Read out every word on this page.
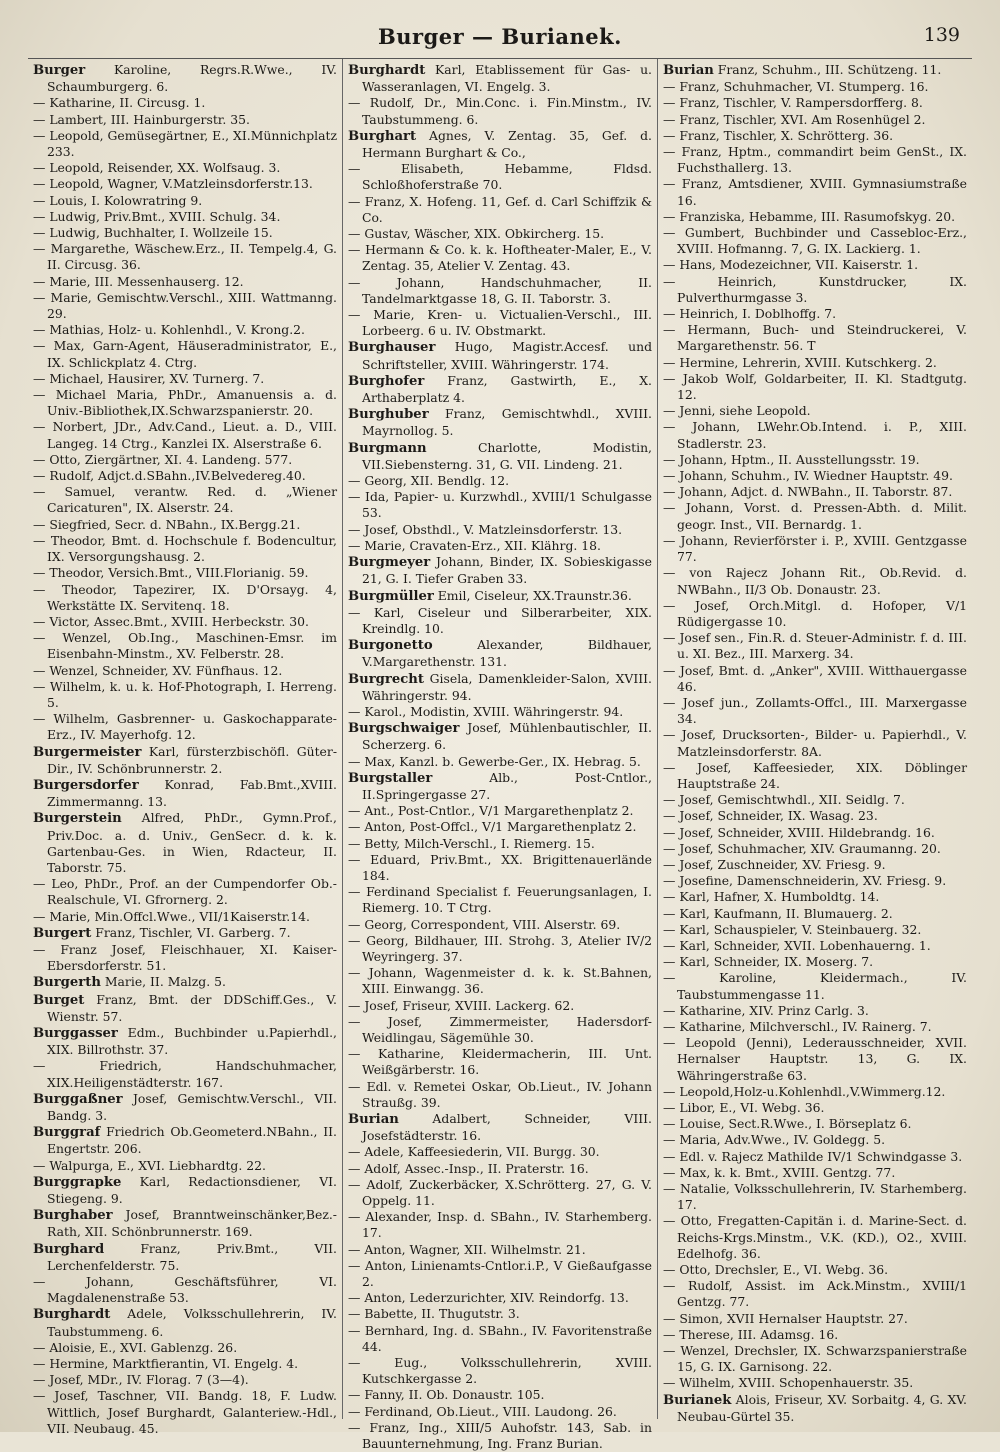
Burger — Burianek.	139

Burger Karoline, Regrs.R.Wwe., IV. Schaumburgerg. 6.

— Katharine, II. Circusg. 1.

— Lambert, III. Hainburgerstr. 35.

— Leopold, Gemüsegärtner, E., XI.Münnichplatz 233.

— Leopold, Reisender, XX. Wolfsaug. 3.

— Leopold, Wagner, V.Matzleinsdorferstr.13.

— Louis, I. Kolowratring 9.

— Ludwig, Priv.Bmt., XVIII. Schulg. 34.

— Ludwig, Buchhalter, I. Wollzeile 15.

— Margarethe, Wäschew.Erz., II. Tempelg.4, G. II. Circusg. 36.

— Marie, III. Messenhauserg. 12.

— Marie, Gemischtw.Verschl., XIII. Wattmanng. 29.

— Mathias, Holz- u. Kohlenhdl., V. Krong.2.

— Max, Garn-Agent, Häuseradministrator, E., IX. Schlickplatz 4. Ctrg.

— Michael, Hausirer, XV. Turnerg. 7.

— Michael Maria, PhDr., Amanuensis a. d. Univ.-Bibliothek,IX.Schwarzspanierstr. 20.

— Norbert, JDr., Adv.Cand., Lieut. a. D., VIII. Langeg. 14 Ctrg., Kanzlei IX. Alserstraße 6.

— Otto, Ziergärtner, XI. 4. Landeng. 577.

— Rudolf, Adjct.d.SBahn.,IV.Belvedereg.40.

— Samuel, verantw. Red. d. „Wiener Caricaturen", IX. Alserstr. 24.

— Siegfried, Secr. d. NBahn., IX.Bergg.21.

— Theodor, Bmt. d. Hochschule f. Bodencultur, IX. Versorgungshausg. 2.

— Theodor, Versich.Bmt., VIII.Florianig. 59.

— Theodor, Tapezirer, IX. D'Orsayg. 4, Werkstätte IX. Servitenq. 18.

— Victor, Assec.Bmt., XVIII. Herbeckstr. 30.

— Wenzel, Ob.Ing., Maschinen-Emsr. im Eisenbahn-Minstm., XV. Felberstr. 28.

— Wenzel, Schneider, XV. Fünfhaus. 12.

— Wilhelm, k. u. k. Hof-Photograph, I. Herreng. 5.

— Wilhelm, Gasbrenner- u. Gaskochapparate-Erz., IV. Mayerhofg. 12.

Burgermeister Karl, fürsterzbischöfl. Güter-Dir., IV. Schönbrunnerstr. 2.

Burgersdorfer Konrad, Fab.Bmt.,XVIII. Zimmermanng. 13.

Burgerstein Alfred, PhDr., Gymn.Prof., Priv.Doc. a. d. Univ., GenSecr. d. k. k. Gartenbau-Ges. in Wien, Rdacteur, II. Taborstr. 75.

— Leo, PhDr., Prof. an der Cumpendorfer Ob.-Realschule, VI. Gfrornerg. 2.

— Marie, Min.Offcl.Wwe., VII/1Kaiserstr.14.

Burgert Franz, Tischler, VI. Garberg. 7.

— Franz Josef, Fleischhauer, XI. Kaiser-Ebersdorferstr. 51.

Burgerth Marie, II. Malzg. 5.

Burget Franz, Bmt. der DDSchiff.Ges., V. Wienstr. 57.

Burggasser Edm., Buchbinder u.Papierhdl., XIX. Billrothstr. 37.

— Friedrich, Handschuhmacher, XIX.Heiligenstädterstr. 167.

Burggaßner Josef, Gemischtw.Verschl., VII. Bandg. 3.

Burggraf Friedrich Ob.Geometerd.NBahn., II. Engertstr. 206.

— Walpurga, E., XVI. Liebhardtg. 22.

Burggrapke Karl, Redactionsdiener, VI. Stiegeng. 9.

Burghaber Josef, Branntweinschänker,Bez.-Rath, XII. Schönbrunnerstr. 169.

Burghard Franz, Priv.Bmt., VII. Lerchenfelderstr. 75.

— Johann, Geschäftsführer, VI. Magdalenenstraße 53.

Burghardt Adele, Volksschullehrerin, IV. Taubstummeng. 6.

— Aloisie, E., XVI. Gablenzg. 26.

— Hermine, Marktfierantin, VI. Engelg. 4.

— Josef, MDr., IV. Florag. 7 (3—4).

— Josef, Taschner, VII. Bandg. 18, F. Ludw. Wittlich, Josef Burghardt, Galanteriew.-Hdl., VII. Neubaug. 45.

Burghardt Karl, Etablissement für Gas- u. Wasseranlagen, VI. Engelg. 3.

— Rudolf, Dr., Min.Conc. i. Fin.Minstm., IV. Taubstummeng. 6.

Burghart Agnes, V. Zentag. 35, Gef. d. Hermann Burghart & Co.,

— Elisabeth, Hebamme, Fldsd. Schloßhoferstraße 70.

— Franz, X. Hofeng. 11, Gef. d. Carl Schiffzik & Co.

— Gustav, Wäscher, XIX. Obkircherg. 15.

— Hermann & Co. k. k. Hoftheater-Maler, E., V. Zentag. 35, Atelier V. Zentag. 43.

— Johann, Handschuhmacher, II. Tandelmarktgasse 18, G. II. Taborstr. 3.

— Marie, Kren- u. Victualien-Verschl., III. Lorbeerg. 6 u. IV. Obstmarkt.

Burghauser Hugo, Magistr.Accesf. und Schriftsteller, XVIII. Währingerstr. 174.

Burghofer Franz, Gastwirth, E., X. Arthaberplatz 4.

Burghuber Franz, Gemischtwhdl., XVIII. Mayrnollog. 5.

Burgmann Charlotte, Modistin, VII.Siebensterng. 31, G. VII. Lindeng. 21.

— Georg, XII. Bendlg. 12.

— Ida, Papier- u. Kurzwhdl., XVIII/1 Schulgasse 53.

— Josef, Obsthdl., V. Matzleinsdorferstr. 13.

— Marie, Cravaten-Erz., XII. Klährg. 18.

Burgmeyer Johann, Binder, IX. Sobieskigasse 21, G. I. Tiefer Graben 33.

Burgmüller Emil, Ciseleur, XX.Traunstr.36.

— Karl, Ciseleur und Silberarbeiter, XIX. Kreindlg. 10.

Burgonetto Alexander, Bildhauer, V.Margarethenstr. 131.

Burgrecht Gisela, Damenkleider-Salon, XVIII. Währingerstr. 94.

— Karol., Modistin, XVIII. Währingerstr. 94.

Burgschwaiger Josef, Mühlenbautischler, II. Scherzerg. 6.

— Max, Kanzl. b. Gewerbe-Ger., IX. Hebrag. 5.

Burgstaller Alb., Post-Cntlor., II.Springergasse 27.

— Ant., Post-Cntlor., V/1 Margarethenplatz 2.

— Anton, Post-Offcl., V/1 Margarethenplatz 2.

— Betty, Milch-Verschl., I. Riemerg. 15.

— Eduard, Priv.Bmt., XX. Brigittenauerlände 184.

— Ferdinand Specialist f. Feuerungsanlagen, I. Riemerg. 10. T Ctrg.

— Georg, Correspondent, VIII. Alserstr. 69.

— Georg, Bildhauer, III. Strohg. 3, Atelier IV/2 Weyringerg. 37.

— Johann, Wagenmeister d. k. k. St.Bahnen, XIII. Einwangg. 36.

— Josef, Friseur, XVIII. Lackerg. 62.

— Josef, Zimmermeister, Hadersdorf-Weidlingau, Sägemühle 30.

— Katharine, Kleidermacherin, III. Unt. Weißgärberstr. 16.

— Edl. v. Remetei Oskar, Ob.Lieut., IV. Johann Straußg. 39.

Burian Adalbert, Schneider, VIII. Josefstädterstr. 16.

— Adele, Kaffeesiederin, VII. Burgg. 30.

— Adolf, Assec.-Insp., II. Praterstr. 16.

— Adolf, Zuckerbäcker, X.Schrötterg. 27, G. V. Oppelg. 11.

— Alexander, Insp. d. SBahn., IV. Starhemberg. 17.

— Anton, Wagner, XII. Wilhelmstr. 21.

— Anton, Linienamts-Cntlor.i.P., V Gießaufgasse 2.

— Anton, Lederzurichter, XIV. Reindorfg. 13.

— Babette, II. Thugutstr. 3.

— Bernhard, Ing. d. SBahn., IV. Favoritenstraße 44.

— Eug., Volksschullehrerin, XVIII. Kutschkergasse 2.

— Fanny, II. Ob. Donaustr. 105.

— Ferdinand, Ob.Lieut., VIII. Laudong. 26.

— Franz, Ing., XIII/5 Auhofstr. 143, Sab. in Bauunternehmung, Ing. Franz Burian.

Burian Franz, Schuhm., III. Schützeng. 11.

— Franz, Schuhmacher, VI. Stumperg. 16.

— Franz, Tischler, V. Rampersdorfferg. 8.

— Franz, Tischler, XVI. Am Rosenhügel 2.

— Franz, Tischler, X. Schrötterg. 36.

— Franz, Hptm., commandirt beim GenSt., IX. Fuchsthallerg. 13.

— Franz, Amtsdiener, XVIII. Gymnasiumstraße 16.

— Franziska, Hebamme, III. Rasumofskyg. 20.

— Gumbert, Buchbinder und Cassebloc-Erz., XVIII. Hofmanng. 7, G. IX. Lackierg. 1.

— Hans, Modezeichner, VII. Kaiserstr. 1.

— Heinrich, Kunstdrucker, IX. Pulverthurmgasse 3.

— Heinrich, I. Doblhoffg. 7.

— Hermann, Buch- und Steindruckerei, V. Margarethenstr. 56. T

— Hermine, Lehrerin, XVIII. Kutschkerg. 2.

— Jakob Wolf, Goldarbeiter, II. Kl. Stadtgutg. 12.

— Jenni, siehe Leopold.

— Johann, LWehr.Ob.Intend. i. P., XIII. Stadlerstr. 23.

— Johann, Hptm., II. Ausstellungsstr. 19.

— Johann, Schuhm., IV. Wiedner Hauptstr. 49.

— Johann, Adjct. d. NWBahn., II. Taborstr. 87.

— Johann, Vorst. d. Pressen-Abth. d. Milit. geogr. Inst., VII. Bernardg. 1.

— Johann, Revierförster i. P., XVIII. Gentzgasse 77.

— von Rajecz Johann Rit., Ob.Revid. d. NWBahn., II/3 Ob. Donaustr. 23.

— Josef, Orch.Mitgl. d. Hofoper, V/1 Rüdigergasse 10.

— Josef sen., Fin.R. d. Steuer-Administr. f. d. III. u. XI. Bez., III. Marxerg. 34.

— Josef, Bmt. d. „Anker", XVIII. Witthauergasse 46.

— Josef jun., Zollamts-Offcl., III. Marxergasse 34.

— Josef, Drucksorten-, Bilder- u. Papierhdl., V. Matzleinsdorferstr. 8A.

— Josef, Kaffeesieder, XIX. Döblinger Hauptstraße 24.

— Josef, Gemischtwhdl., XII. Seidlg. 7.

— Josef, Schneider, IX. Wasag. 23.

— Josef, Schneider, XVIII. Hildebrandg. 16.

— Josef, Schuhmacher, XIV. Graumanng. 20.

— Josef, Zuschneider, XV. Friesg. 9.

— Josefine, Damenschneiderin, XV. Friesg. 9.

— Karl, Hafner, X. Humboldtg. 14.

— Karl, Kaufmann, II. Blumauerg. 2.

— Karl, Schauspieler, V. Steinbauerg. 32.

— Karl, Schneider, XVII. Lobenhauerng. 1.

— Karl, Schneider, IX. Moserg. 7.

— Karoline, Kleidermach., IV. Taubstummengasse 11.

— Katharine, XIV. Prinz Carlg. 3.

— Katharine, Milchverschl., IV. Rainerg. 7.

— Leopold (Jenni), Lederausschneider, XVII. Hernalser Hauptstr. 13, G. IX. Währingerstraße 63.

— Leopold,Holz-u.Kohlenhdl.,V.Wimmerg.12.

— Libor, E., VI. Webg. 36.

— Louise, Sect.R.Wwe., I. Börseplatz 6.

— Maria, Adv.Wwe., IV. Goldegg. 5.

— Edl. v. Rajecz Mathilde IV/1 Schwindgasse 3.

— Max, k. k. Bmt., XVIII. Gentzg. 77.

— Natalie, Volksschullehrerin, IV. Starhemberg. 17.

— Otto, Fregatten-Capitän i. d. Marine-Sect. d. Reichs-Krgs.Minstm., V.K. (KD.), O2., XVIII. Edelhofg. 36.

— Otto, Drechsler, E., VI. Webg. 36.

— Rudolf, Assist. im Ack.Minstm., XVIII/1 Gentzg. 77.

— Simon, XVII Hernalser Hauptstr. 27.

— Therese, III. Adamsg. 16.

— Wenzel, Drechsler, IX. Schwarzspanierstraße 15, G. IX. Garnisong. 22.

— Wilhelm, XVIII. Schopenhauerstr. 35.

Burianek Alois, Friseur, XV. Sorbaitg. 4, G. XV. Neubau-Gürtel 35.
